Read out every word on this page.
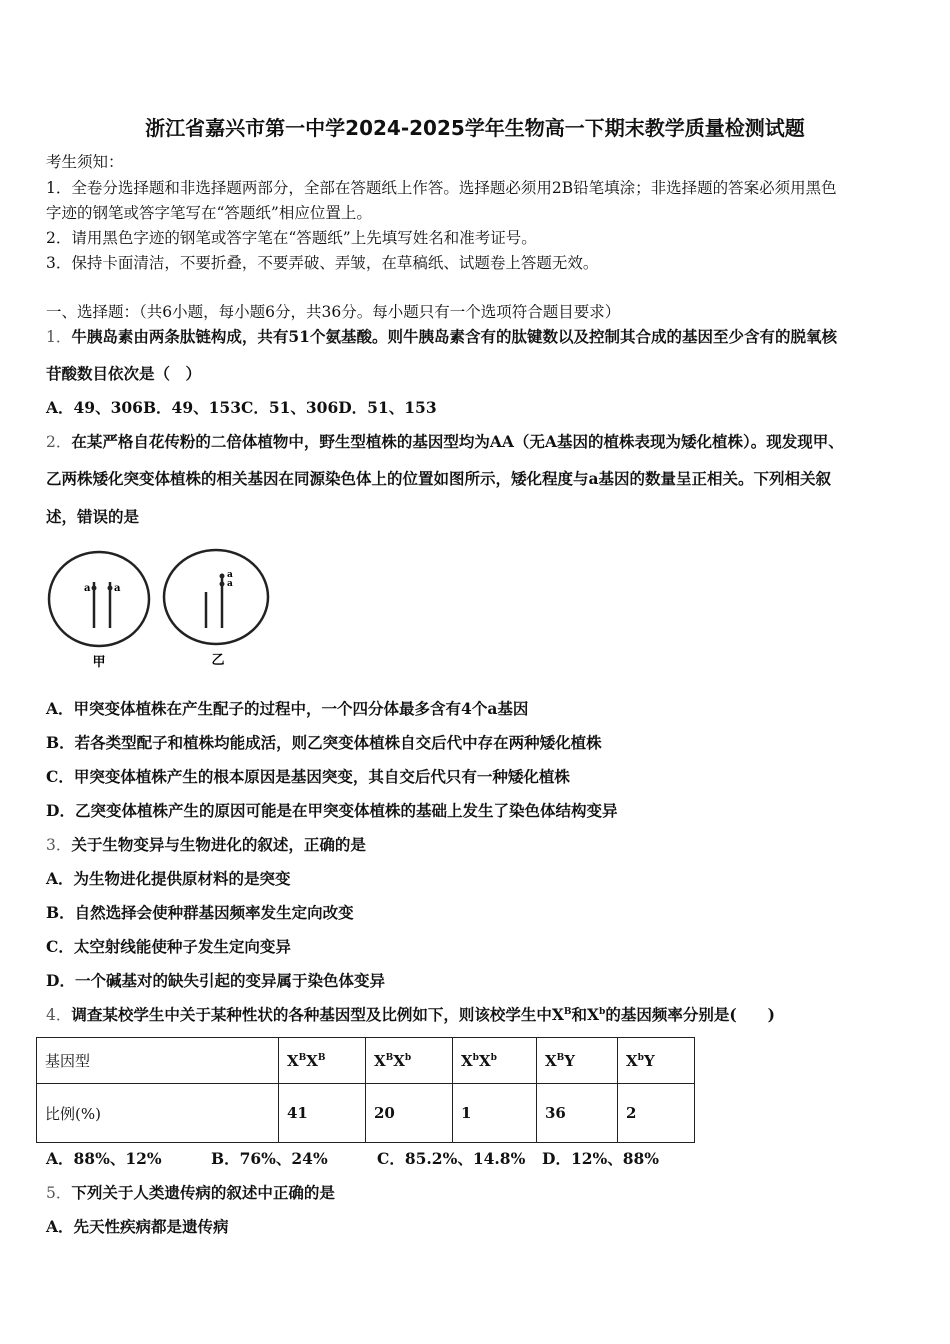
浙江省嘉兴市第一中学2024-2025学年生物高一下期末教学质量检测试题
考生须知：
1．全卷分选择题和非选择题两部分，全部在答题纸上作答。选择题必须用2B铅笔填涂；非选择题的答案必须用黑色
字迹的钢笔或答字笔写在“答题纸”相应位置上。
2．请用黑色字迹的钢笔或答字笔在“答题纸”上先填写姓名和准考证号。
3．保持卡面清洁，不要折叠，不要弄破、弄皱，在草稿纸、试题卷上答题无效。
一、选择题：（共6小题，每小题6分，共36分。每小题只有一个选项符合题目要求）
1．牛胰岛素由两条肽链构成，共有51个氨基酸。则牛胰岛素含有的肽键数以及控制其合成的基因至少含有的脱氧核
苷酸数目依次是（　）
A．49、306B．49、153C．51、306D．51、153
2．在某严格自花传粉的二倍体植物中，野生型植株的基因型均为AA（无A基因的植株表现为矮化植株）。现发现甲、
乙两株矮化突变体植株的相关基因在同源染色体上的位置如图所示，矮化程度与a基因的数量呈正相关。下列相关叙
述，错误的是
a a
甲
a
a
乙
A．甲突变体植株在产生配子的过程中，一个四分体最多含有4个a基因
B．若各类型配子和植株均能成活，则乙突变体植株自交后代中存在两种矮化植株
C．甲突变体植株产生的根本原因是基因突变，其自交后代只有一种矮化植株
D．乙突变体植株产生的原因可能是在甲突变体植株的基础上发生了染色体结构变异
3．关于生物变异与生物进化的叙述，正确的是
A．为生物进化提供原材料的是突变
B．自然选择会使种群基因频率发生定向改变
C．太空射线能使种子发生定向变异
D．一个碱基对的缺失引起的变异属于染色体变异
4．调查某校学生中关于某种性状的各种基因型及比例如下，则该校学生中$X^B$和$X^b$的基因频率分别是(　　)
基因型	$X^BX^B$	$X^BX^b$	$X^bX^b$	$X^BY$	$X^bY$
比例(%)	41	20	1	36	2
A．88%、12%	B．76%、24%	C．85.2%、14.8% D．12%、88%
5．下列关于人类遗传病的叙述中正确的是
A．先天性疾病都是遗传病
